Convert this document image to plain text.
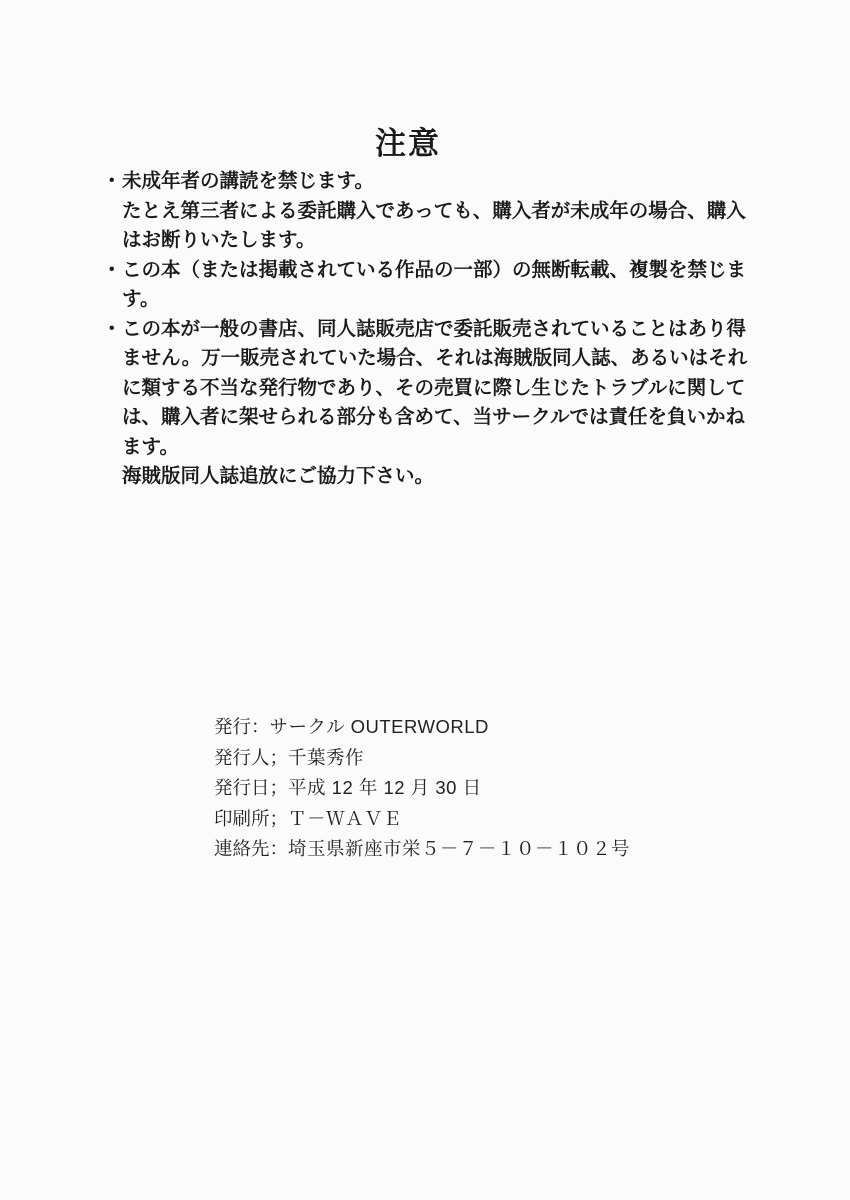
注意
・ 未成年者の講読を禁じます。

たとえ第三者による委託購入であっても、購入者が未成年の場合、購入はお断りいたします。

・ この本（または掲載されている作品の一部）の無断転載、複製を禁じます。

・ この本が一般の書店、同人誌販売店で委託販売されていることはあり得ません。万一販売されていた場合、それは海賊版同人誌、あるいはそれに類する不当な発行物であり、その売買に際し生じたトラブルに関しては、購入者に架せられる部分も含めて、当サークルでは責任を負いかねます。

海賊版同人誌追放にご協力下さい。

発行： サークル OUTERWORLD
発行人； 千葉秀作
発行日； 平成 12 年 12 月 30 日
印刷所； Ｔ－ＷＡＶＥ
連絡先： 埼玉県新座市栄５－７－１０－１０２号
